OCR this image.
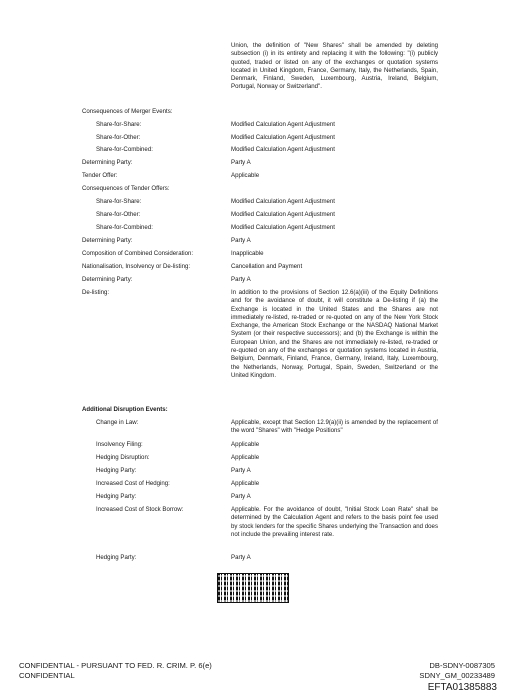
Union, the definition of "New Shares" shall be amended by deleting subsection (i) in its entirety and replacing it with the following: "(i) publicly quoted, traded or listed on any of the exchanges or quotation systems located in United Kingdom, France, Germany, Italy, the Netherlands, Spain, Denmark, Finland, Sweden, Luxembourg, Austria, Ireland, Belgium, Portugal, Norway or Switzerland".
Consequences of Merger Events:
Share-for-Share:	Modified Calculation Agent Adjustment
Share-for-Other:	Modified Calculation Agent Adjustment
Share-for-Combined:	Modified Calculation Agent Adjustment
Determining Party:	Party A
Tender Offer:	Applicable
Consequences of Tender Offers:
Share-for-Share:	Modified Calculation Agent Adjustment
Share-for-Other:	Modified Calculation Agent Adjustment
Share-for-Combined:	Modified Calculation Agent Adjustment
Determining Party:	Party A
Composition of Combined Consideration:	Inapplicable
Nationalisation, Insolvency or De-listing:	Cancellation and Payment
Determining Party:	Party A
De-listing:	In addition to the provisions of Section 12.6(a)(iii) of the Equity Definitions and for the avoidance of doubt, it will constitute a De-listing if (a) the Exchange is located in the United States and the Shares are not immediately re-listed, re-traded or re-quoted on any of the New York Stock Exchange, the American Stock Exchange or the NASDAQ National Market System (or their respective successors); and (b) the Exchange is within the European Union, and the Shares are not immediately re-listed, re-traded or re-quoted on any of the exchanges or quotation systems located in Austria, Belgium, Denmark, Finland, France, Germany, Ireland, Italy, Luxembourg, the Netherlands, Norway, Portugal, Spain, Sweden, Switzerland or the United Kingdom.
Additional Disruption Events:
Change in Law:	Applicable, except that Section 12.9(a)(ii) is amended by the replacement of the word "Shares" with "Hedge Positions"
Insolvency Filing:	Applicable
Hedging Disruption:	Applicable
Hedging Party:	Party A
Increased Cost of Hedging:	Applicable
Hedging Party:	Party A
Increased Cost of Stock Borrow:	Applicable. For the avoidance of doubt, "Initial Stock Loan Rate" shall be determined by the Calculation Agent and refers to the basis point fee used by stock lenders for the specific Shares underlying the Transaction and does not include the prevailing interest rate.
Hedging Party:	Party A
CONFIDENTIAL - PURSUANT TO FED. R. CRIM. P. 6(e)
CONFIDENTIAL
DB-SDNY-0087305
SDNY_GM_00233489
EFTA01385883
